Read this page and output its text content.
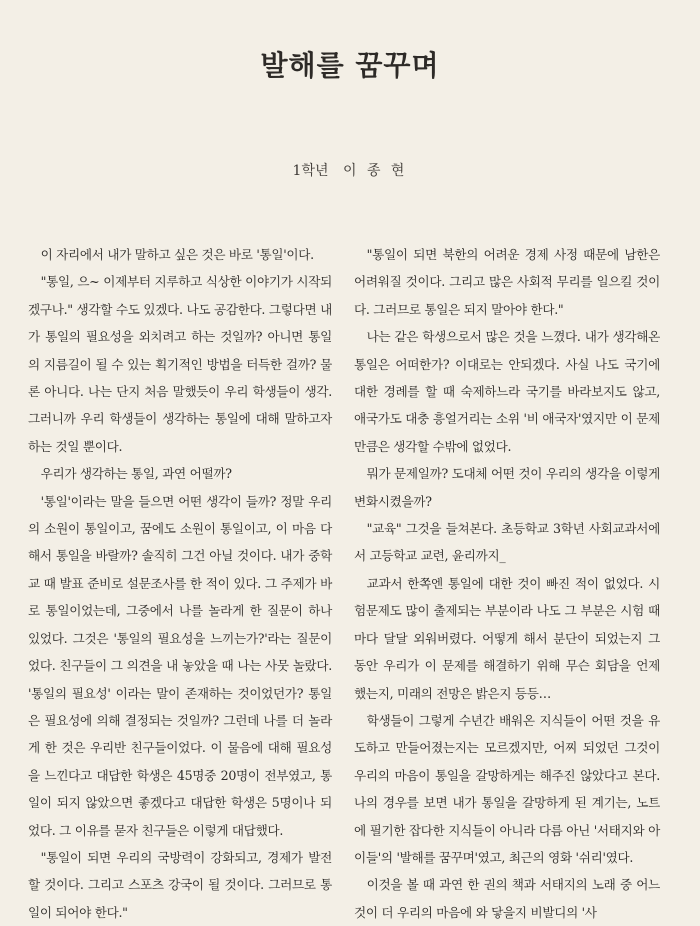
발해를 꿈꾸며
1학년 이 종 현

이 자리에서 내가 말하고 싶은 것은 바로 '통일'이다.

"통일, 으~ 이제부터 지루하고 식상한 이야기가 시작되겠구나." 생각할 수도 있겠다. 나도 공감한다. 그렇다면 내가 통일의 필요성을 외치려고 하는 것일까? 아니면 통일의 지름길이 될 수 있는 획기적인 방법을 터득한 걸까? 물론 아니다. 나는 단지 처음 말했듯이 우리 학생들이 생각. 그러니까 우리 학생들이 생각하는 통일에 대해 말하고자 하는 것일 뿐이다.

우리가 생각하는 통일, 과연 어떨까?

'통일'이라는 말을 들으면 어떤 생각이 들까? 정말 우리의 소원이 통일이고, 꿈에도 소원이 통일이고, 이 마음 다해서 통일을 바랄까? 솔직히 그건 아닐 것이다. 내가 중학교 때 발표 준비로 설문조사를 한 적이 있다. 그 주제가 바로 통일이었는데, 그중에서 나를 놀라게 한 질문이 하나 있었다. 그것은 '통일의 필요성을 느끼는가?'라는 질문이었다. 친구들이 그 의견을 내 놓았을 때 나는 사뭇 놀랐다. '통일의 필요성' 이라는 말이 존재하는 것이었던가? 통일은 필요성에 의해 결정되는 것일까? 그런데 나를 더 놀라게 한 것은 우리반 친구들이었다. 이 물음에 대해 필요성을 느낀다고 대답한 학생은 45명중 20명이 전부였고, 통일이 되지 않았으면 좋겠다고 대답한 학생은 5명이나 되었다. 그 이유를 묻자 친구들은 이렇게 대답했다.

"통일이 되면 우리의 국방력이 강화되고, 경제가 발전할 것이다. 그리고 스포츠 강국이 될 것이다. 그러므로 통일이 되어야 한다."

"통일이 되면 북한의 어려운 경제 사정 때문에 남한은 어려워질 것이다. 그리고 많은 사회적 무리를 일으킬 것이다. 그러므로 통일은 되지 말아야 한다."

나는 같은 학생으로서 많은 것을 느꼈다. 내가 생각해온 통일은 어떠한가? 이대로는 안되겠다. 사실 나도 국기에 대한 경례를 할 때 숙제하느라 국기를 바라보지도 않고, 애국가도 대충 흥얼거리는 소위 '비 애국자'였지만 이 문제만큼은 생각할 수밖에 없었다.

뭐가 문제일까? 도대체 어떤 것이 우리의 생각을 이렇게 변화시켰을까?

"교육" 그것을 들쳐본다. 초등학교 3학년 사회교과서에서 고등학교 교련, 윤리까지_

교과서 한쪽엔 통일에 대한 것이 빠진 적이 없었다. 시험문제도 많이 출제되는 부분이라 나도 그 부분은 시험 때마다 달달 외워버렸다. 어떻게 해서 분단이 되었는지 그 동안 우리가 이 문제를 해결하기 위해 무슨 회담을 언제 했는지, 미래의 전망은 밝은지 등등…

학생들이 그렇게 수년간 배워온 지식들이 어떤 것을 유도하고 만들어졌는지는 모르겠지만, 어찌 되었던 그것이 우리의 마음이 통일을 갈망하게는 해주진 않았다고 본다. 나의 경우를 보면 내가 통일을 갈망하게 된 계기는, 노트에 필기한 잡다한 지식들이 아니라 다름 아닌 '서태지와 아이들'의 '발해를 꿈꾸며'였고, 최근의 영화 '쉬리'였다.

이것을 볼 때 과연 한 권의 책과 서태지의 노래 중 어느 것이 더 우리의 마음에 와 닿을지 비발디의 '사
